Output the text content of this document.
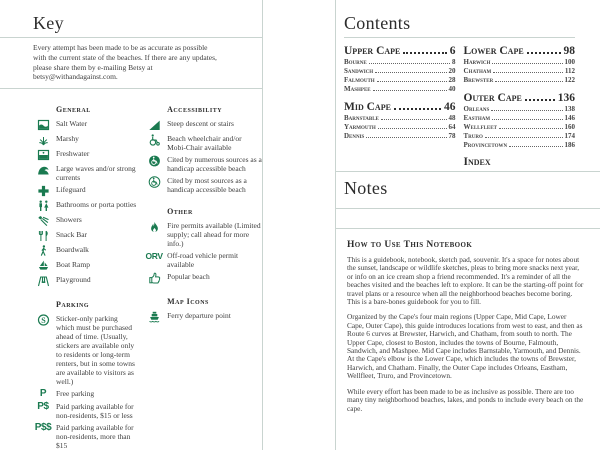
Key

Every attempt has been made to be as accurate as possible with the current state of the beaches. If there are any updates, please share them by e-mailing Betsy at betsy@withandagainst.com.

General
Salt Water
Marshy
Freshwater
Large waves and/or strong currents
Lifeguard
Bathrooms or porta potties
Showers
Snack Bar
Boardwalk
Boat Ramp
Playground
Parking
S Sticker-only parking which must be purchased ahead of time. (Usually, stickers are available only to residents or long-term renters, but in some towns are available to visitors as well.)
P Free parking
P$ Paid parking available for non-residents, $15 or less
P$$ Paid parking available for non-residents, more than $15
Accessibility
Steep descent or stairs
Beach wheelchair and/or Mobi-Chair available
Cited by numerous sources as a handicap accessible beach
Cited by most sources as a handicap accessible beach
Other
Fire permits available (Limited supply; call ahead for more info.)
ORV Off-road vehicle permit available
Popular beach
Map Icons
Ferry departure point
Contents
Upper Cape	6
Bourne	8
Sandwich	20
Falmouth	28
Mashpee	40
Mid Cape	46
Barnstable	48
Yarmouth	64
Dennis	78
Lower Cape	98
Harwich	100
Chatham	112
Brewster	122
Outer Cape	136
Orleans	138
Eastham	146
Wellfleet	160
Truro	174
Provincetown	186
Index
Notes
How to Use This Notebook

This is a guidebook, notebook, sketch pad, souvenir. It's a space for notes about the sunset, landscape or wildlife sketches, pleas to bring more snacks next year, or info on an ice cream shop a friend recommended. It's a reminder of all the beaches visited and the beaches left to explore. It can be the starting-off point for travel plans or a resource when all the neighborhood beaches become boring. This is a bare-bones guidebook for you to fill.

Organized by the Cape's four main regions (Upper Cape, Mid Cape, Lower Cape, Outer Cape), this guide introduces locations from west to east, and then as Route 6 curves at Brewster, Harwich, and Chatham, from south to north. The Upper Cape, closest to Boston, includes the towns of Bourne, Falmouth, Sandwich, and Mashpee. Mid Cape includes Barnstable, Yarmouth, and Dennis. At the Cape's elbow is the Lower Cape, which includes the towns of Brewster, Harwich, and Chatham. Finally, the Outer Cape includes Orleans, Eastham, Wellfleet, Truro, and Provincetown.

While every effort has been made to be as inclusive as possible. There are too many tiny neighborhood beaches, lakes, and ponds to include every beach on the cape.
